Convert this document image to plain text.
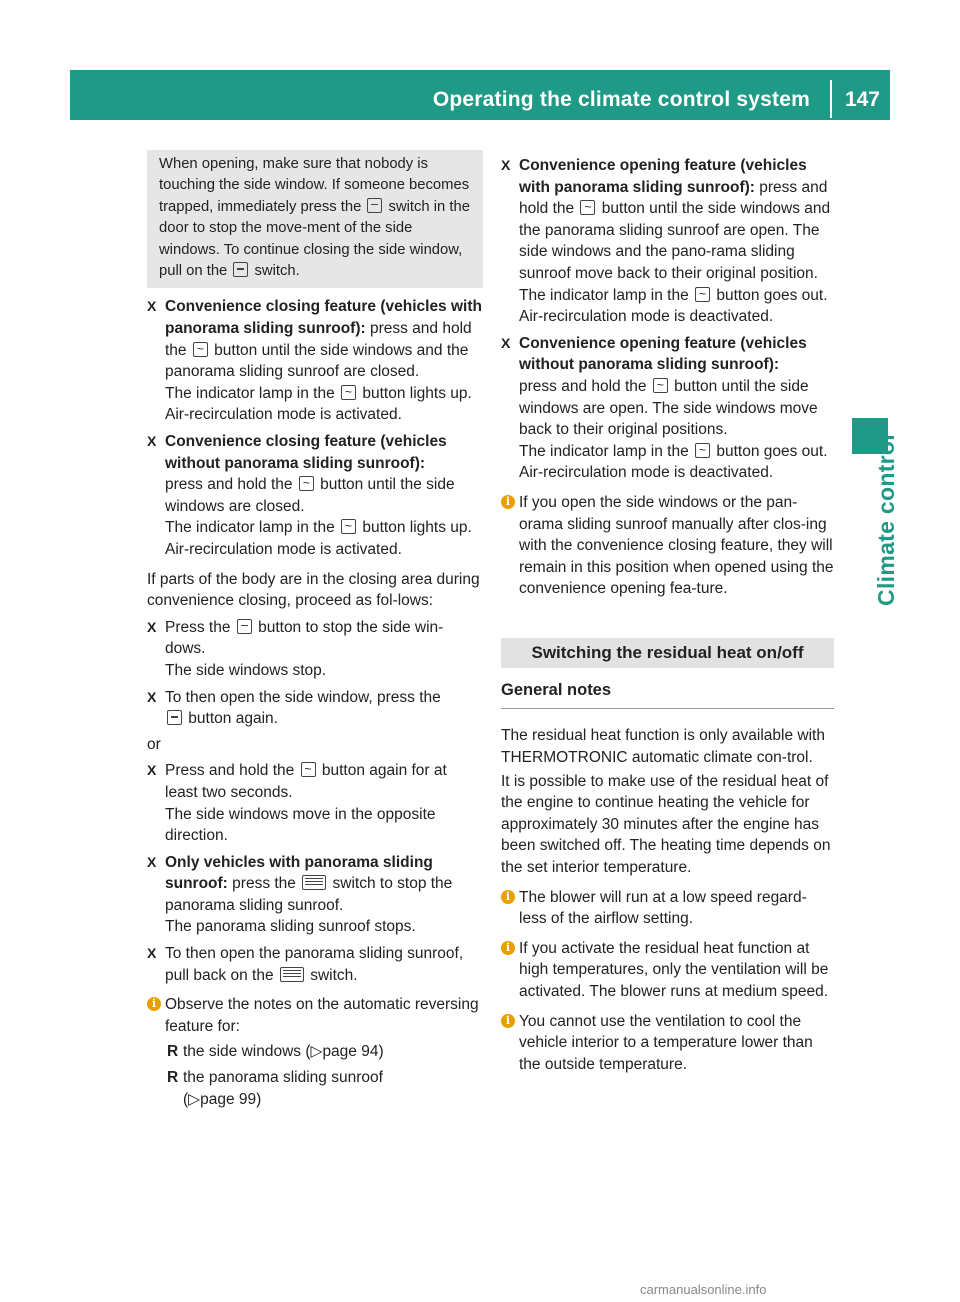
Operating the climate control system 147
Climate control

When opening, make sure that nobody is touching the side window. If someone becomes trapped, immediately press the  switch in the door to stop the move-ment of the side windows. To continue closing the side window, pull on the  switch.

X Convenience closing feature (vehicles with panorama sliding sunroof): press and hold the ~ button until the side windows and the panorama sliding sunroof are closed.
The indicator lamp in the ~ button lights up. Air-recirculation mode is activated.

X Convenience closing feature (vehicles without panorama sliding sunroof):
press and hold the ~ button until the side windows are closed.
The indicator lamp in the ~ button lights up. Air-recirculation mode is activated.

If parts of the body are in the closing area during convenience closing, proceed as fol-lows:

X Press the  button to stop the side win-dows.
The side windows stop.

X To then open the side window, press the
button again.

or

X Press and hold the ~ button again for at least two seconds.
The side windows move in the opposite direction.

X Only vehicles with panorama sliding sunroof: press the  switch to stop the panorama sliding sunroof.
The panorama sliding sunroof stops.

X To then open the panorama sliding sunroof, pull back on the  switch.

i Observe the notes on the automatic reversing feature for:

R the side windows (▷page 94)

R the panorama sliding sunroof
(▷page 99)

X Convenience opening feature (vehicles with panorama sliding sunroof): press and hold the ~ button until the side windows and the panorama sliding sunroof are open. The side windows and the pano-rama sliding sunroof move back to their original position.
The indicator lamp in the ~ button goes out. Air-recirculation mode is deactivated.

X Convenience opening feature (vehicles without panorama sliding sunroof):
press and hold the ~ button until the side windows are open. The side windows move back to their original positions.
The indicator lamp in the ~ button goes out. Air-recirculation mode is deactivated.

i If you open the side windows or the pan-orama sliding sunroof manually after clos-ing with the convenience closing feature, they will remain in this position when opened using the convenience opening fea-ture.

Switching the residual heat on/off

General notes

The residual heat function is only available with THERMOTRONIC automatic climate con-trol.

It is possible to make use of the residual heat of the engine to continue heating the vehicle for approximately 30 minutes after the engine has been switched off. The heating time depends on the set interior temperature.

i The blower will run at a low speed regard-less of the airflow setting.

i If you activate the residual heat function at high temperatures, only the ventilation will be activated. The blower runs at medium speed.

i You cannot use the ventilation to cool the vehicle interior to a temperature lower than the outside temperature.

carmanualsonline.info
